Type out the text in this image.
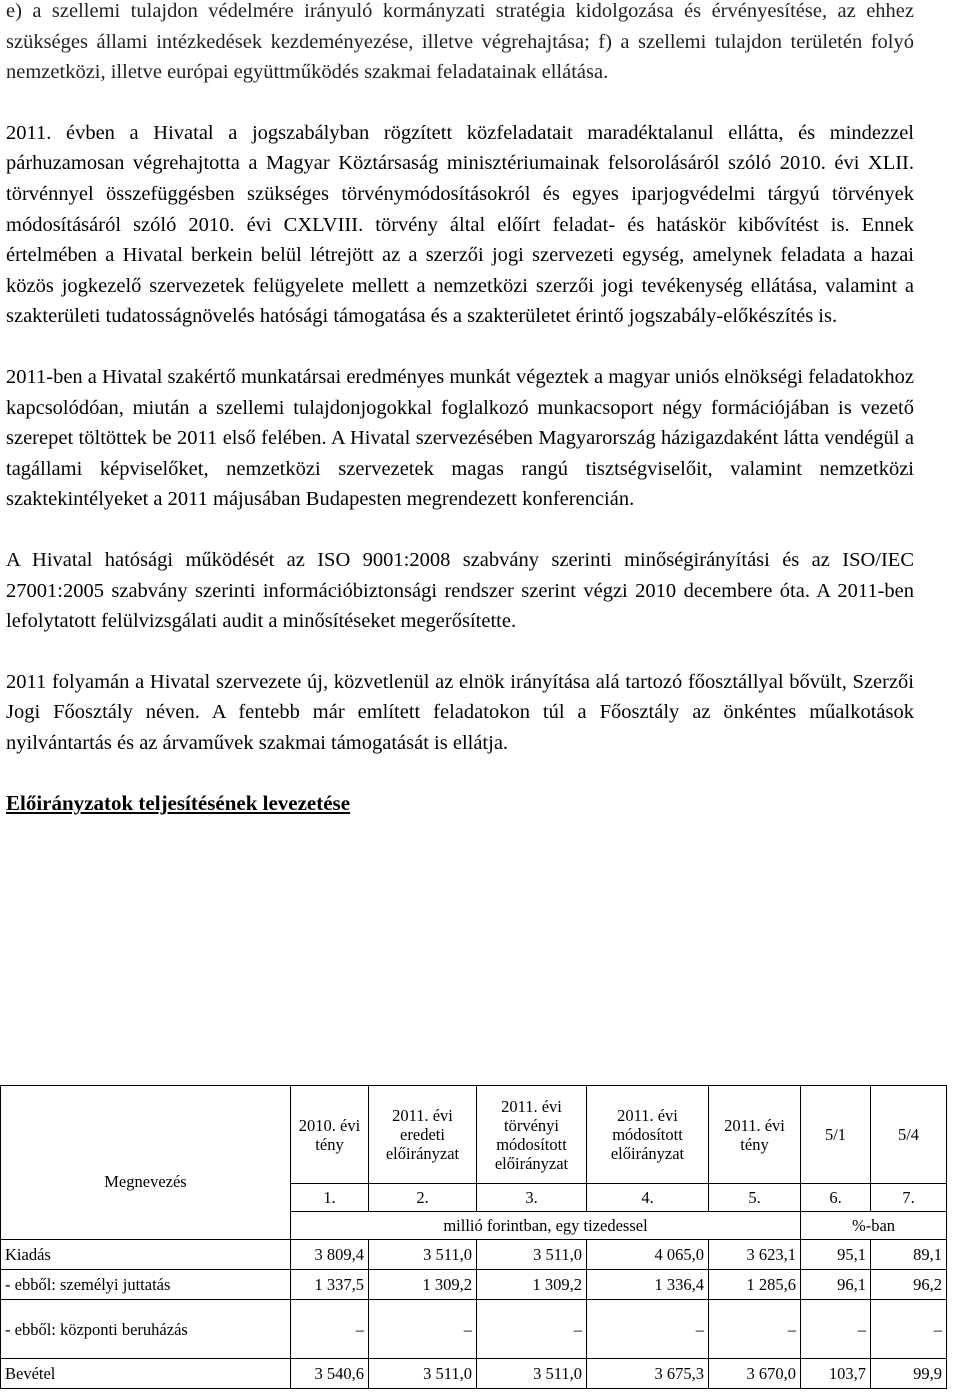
e) a szellemi tulajdon védelmére irányuló kormányzati stratégia kidolgozása és érvényesítése, az ehhez szükséges állami intézkedések kezdeményezése, illetve végrehajtása; f) a szellemi tulajdon területén folyó nemzetközi, illetve európai együttműködés szakmai feladatainak ellátása.

2011. évben a Hivatal a jogszabályban rögzített közfeladatait maradéktalanul ellátta, és mindezzel párhuzamosan végrehajtotta a Magyar Köztársaság minisztériumainak felsorolásáról szóló 2010. évi XLII. törvénnyel összefüggésben szükséges törvénymódosításokról és egyes iparjogvédelmi tárgyú törvények módosításáról szóló 2010. évi CXLVIII. törvény által előírt feladat- és hatáskör kibővítést is. Ennek értelmében a Hivatal berkein belül létrejött az a szerzői jogi szervezeti egység, amelynek feladata a hazai közös jogkezelő szervezetek felügyelete mellett a nemzetközi szerzői jogi tevékenység ellátása, valamint a szakterületi tudatosságnövelés hatósági támogatása és a szakterületet érintő jogszabály-előkészítés is.

2011-ben a Hivatal szakértő munkatársai eredményes munkát végeztek a magyar uniós elnökségi feladatokhoz kapcsolódóan, miután a szellemi tulajdonjogokkal foglalkozó munkacsoport négy formációjában is vezető szerepet töltöttek be 2011 első felében. A Hivatal szervezésében Magyarország házigazdaként látta vendégül a tagállami képviselőket, nemzetközi szervezetek magas rangú tisztségviselőit, valamint nemzetközi szaktekintélyeket a 2011 májusában Budapesten megrendezett konferencián.

A Hivatal hatósági működését az ISO 9001:2008 szabvány szerinti minőségirányítási és az ISO/IEC 27001:2005 szabvány szerinti információbiztonsági rendszer szerint végzi 2010 decembere óta. A 2011-ben lefolytatott felülvizsgálati audit a minősítéseket megerősítette.

2011 folyamán a Hivatal szervezete új, közvetlenül az elnök irányítása alá tartozó főosztállyal bővült, Szerzői Jogi Főosztály néven. A fentebb már említett feladatokon túl a Főosztály az önkéntes műalkotások nyilvántartás és az árvaművek szakmai támogatását is ellátja.

Előirányzatok teljesítésének levezetése

Megnevezés	2010. évi tény	2011. évi eredeti előirányzat	2011. évi törvényi módosított előirányzat	2011. évi módosított előirányzat	2011. évi tény	5/1	5/4
	1.	2.	3.	4.	5.	6.	7.
	millió forintban, egy tizedessel					%-ban	
Kiadás	3 809,4	3 511,0	3 511,0	4 065,0	3 623,1	95,1	89,1
- ebből: személyi juttatás	1 337,5	1 309,2	1 309,2	1 336,4	1 285,6	96,1	96,2
- ebből: központi beruházás	–	–	–	–	–	–	–
Bevétel	3 540,6	3 511,0	3 511,0	3 675,3	3 670,0	103,7	99,9
